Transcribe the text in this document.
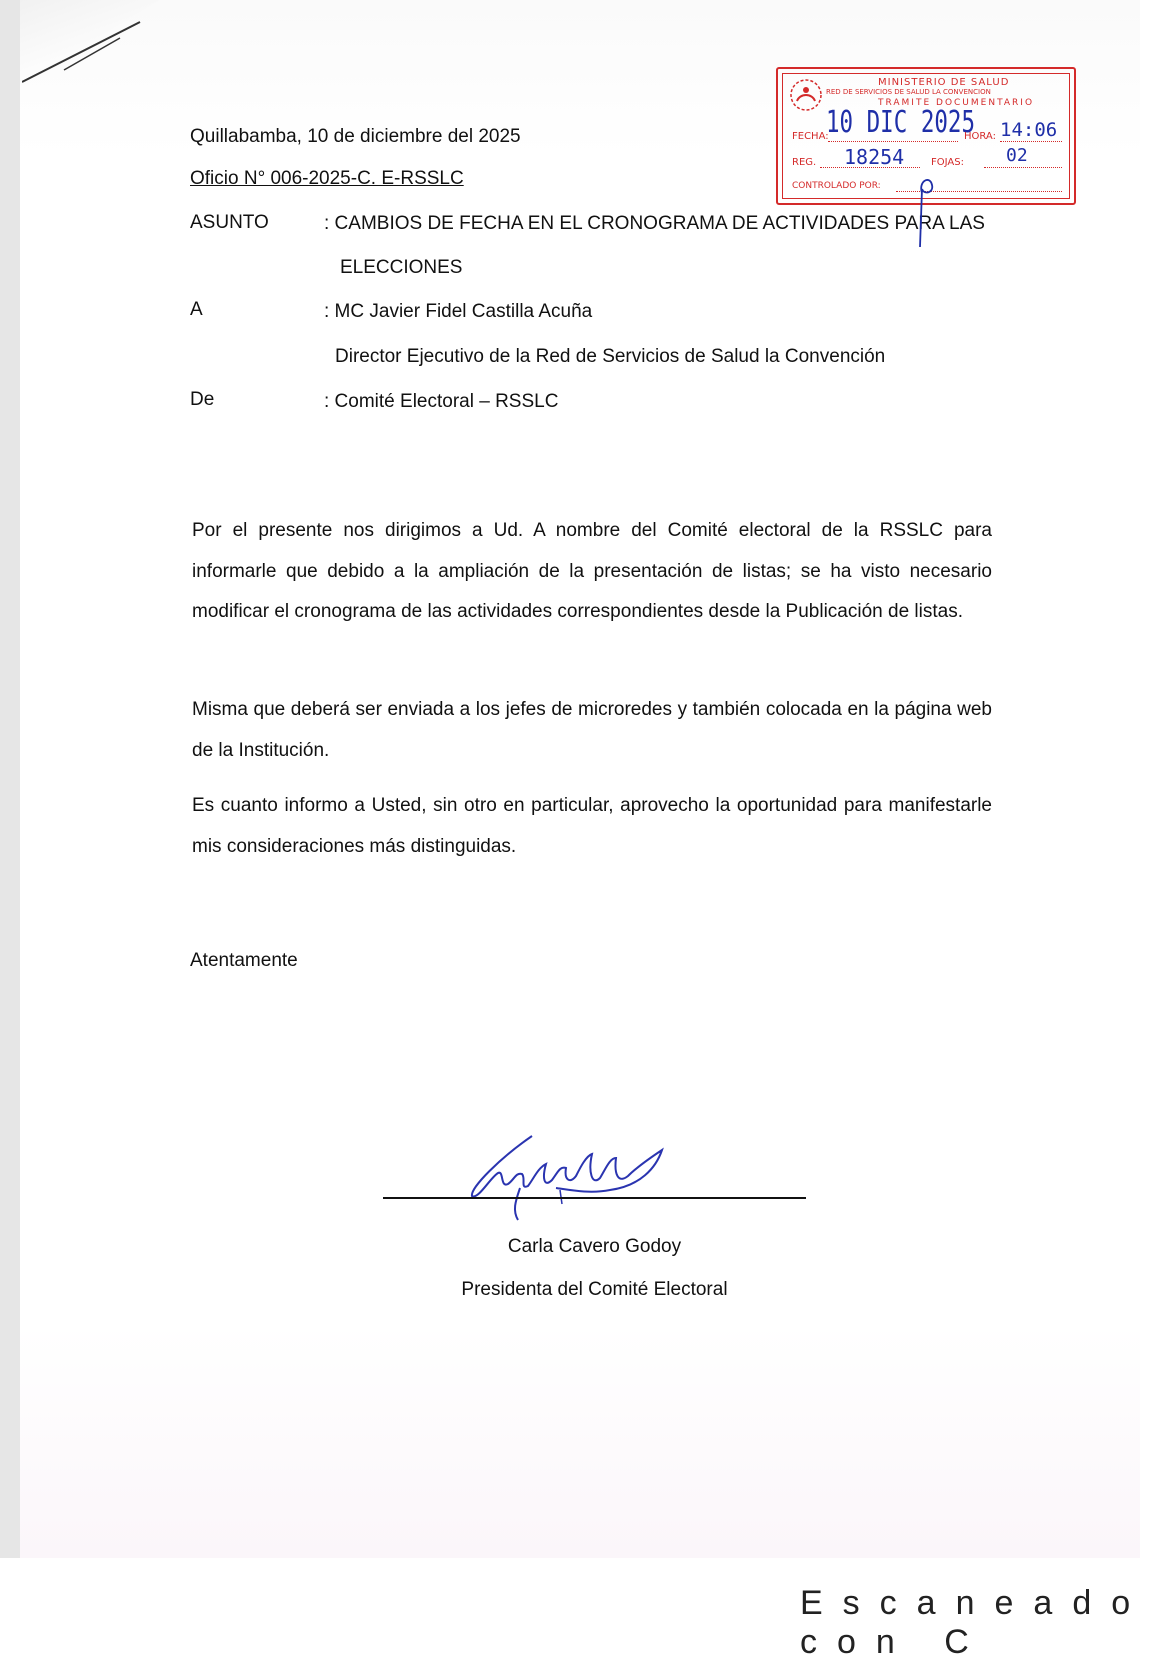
Quillabamba, 10 de diciembre del 2025
Oficio N° 006-2025-C. E-RSSLC
ASUNTO	: CAMBIOS DE FECHA EN EL CRONOGRAMA DE ACTIVIDADES PARA LAS
ELECCIONES
A	: MC Javier Fidel Castilla Acuña
Director Ejecutivo de la Red de Servicios de Salud la Convención
De	: Comité Electoral – RSSLC
Por el presente nos dirigimos a Ud. A nombre del Comité electoral de la RSSLC para informarle que debido a la ampliación de la presentación de listas; se ha visto necesario modificar el cronograma de las actividades correspondientes desde la Publicación de listas.
Misma que deberá ser enviada a los jefes de microredes y también colocada en la página web de la Institución.
Es cuanto informo a Usted, sin otro en particular, aprovecho la oportunidad para manifestarle mis consideraciones más distinguidas.
Atentamente
Carla Cavero Godoy
Presidenta del Comité Electoral
MINISTERIO DE SALUD
RED DE SERVICIOS DE SALUD LA CONVENCION
TRAMITE DOCUMENTARIO
FECHA:
10 DIC 2025
HORA: 14:06
REG. 18254	FOJAS: 02
CONTROLADO POR:
Escaneado con C
